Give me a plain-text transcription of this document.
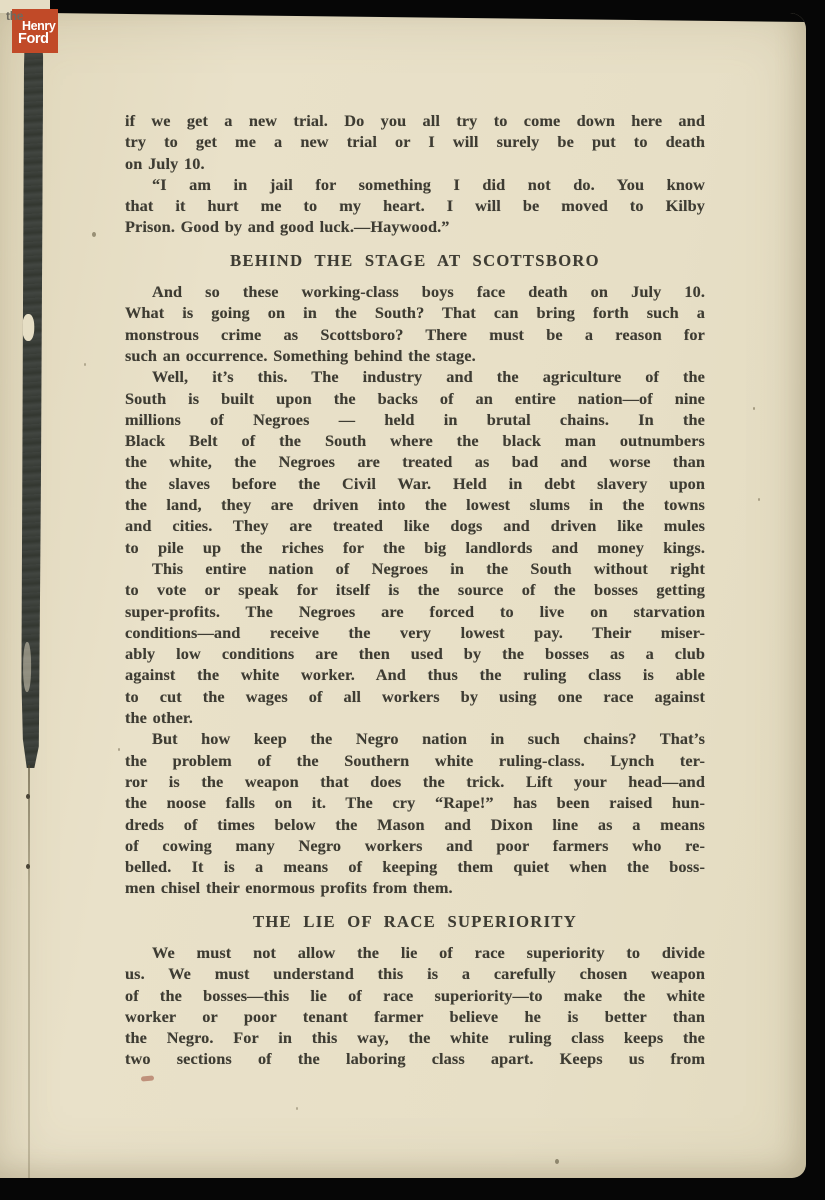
if we get a new trial. Do you all try to come down here and
try to get me a new trial or I will surely be put to death
on July 10.
“I am in jail for something I did not do. You know
that it hurt me to my heart. I will be moved to Kilby
Prison. Good by and good luck.—Haywood.”
BEHIND THE STAGE AT SCOTTSBORO
And so these working-class boys face death on July 10.
What is going on in the South? That can bring forth such a
monstrous crime as Scottsboro? There must be a reason for
such an occurrence. Something behind the stage.
Well, it’s this. The industry and the agriculture of the
South is built upon the backs of an entire nation—of nine
millions of Negroes — held in brutal chains. In the
Black Belt of the South where the black man outnumbers
the white, the Negroes are treated as bad and worse than
the slaves before the Civil War. Held in debt slavery upon
the land, they are driven into the lowest slums in the towns
and cities. They are treated like dogs and driven like mules
to pile up the riches for the big landlords and money kings.
This entire nation of Negroes in the South without right
to vote or speak for itself is the source of the bosses getting
super-profits. The Negroes are forced to live on starvation
conditions—and receive the very lowest pay. Their miser-
ably low conditions are then used by the bosses as a club
against the white worker. And thus the ruling class is able
to cut the wages of all workers by using one race against
the other.
But how keep the Negro nation in such chains? That’s
the problem of the Southern white ruling-class. Lynch ter-
ror is the weapon that does the trick. Lift your head—and
the noose falls on it. The cry “Rape!” has been raised hun-
dreds of times below the Mason and Dixon line as a means
of cowing many Negro workers and poor farmers who re-
belled. It is a means of keeping them quiet when the boss-
men chisel their enormous profits from them.
THE LIE OF RACE SUPERIORITY
We must not allow the lie of race superiority to divide
us. We must understand this is a carefully chosen weapon
of the bosses—this lie of race superiority—to make the white
worker or poor tenant farmer believe he is better than
the Negro. For in this way, the white ruling class keeps the
two sections of the laboring class apart. Keeps us from
the
Henry
Ford
